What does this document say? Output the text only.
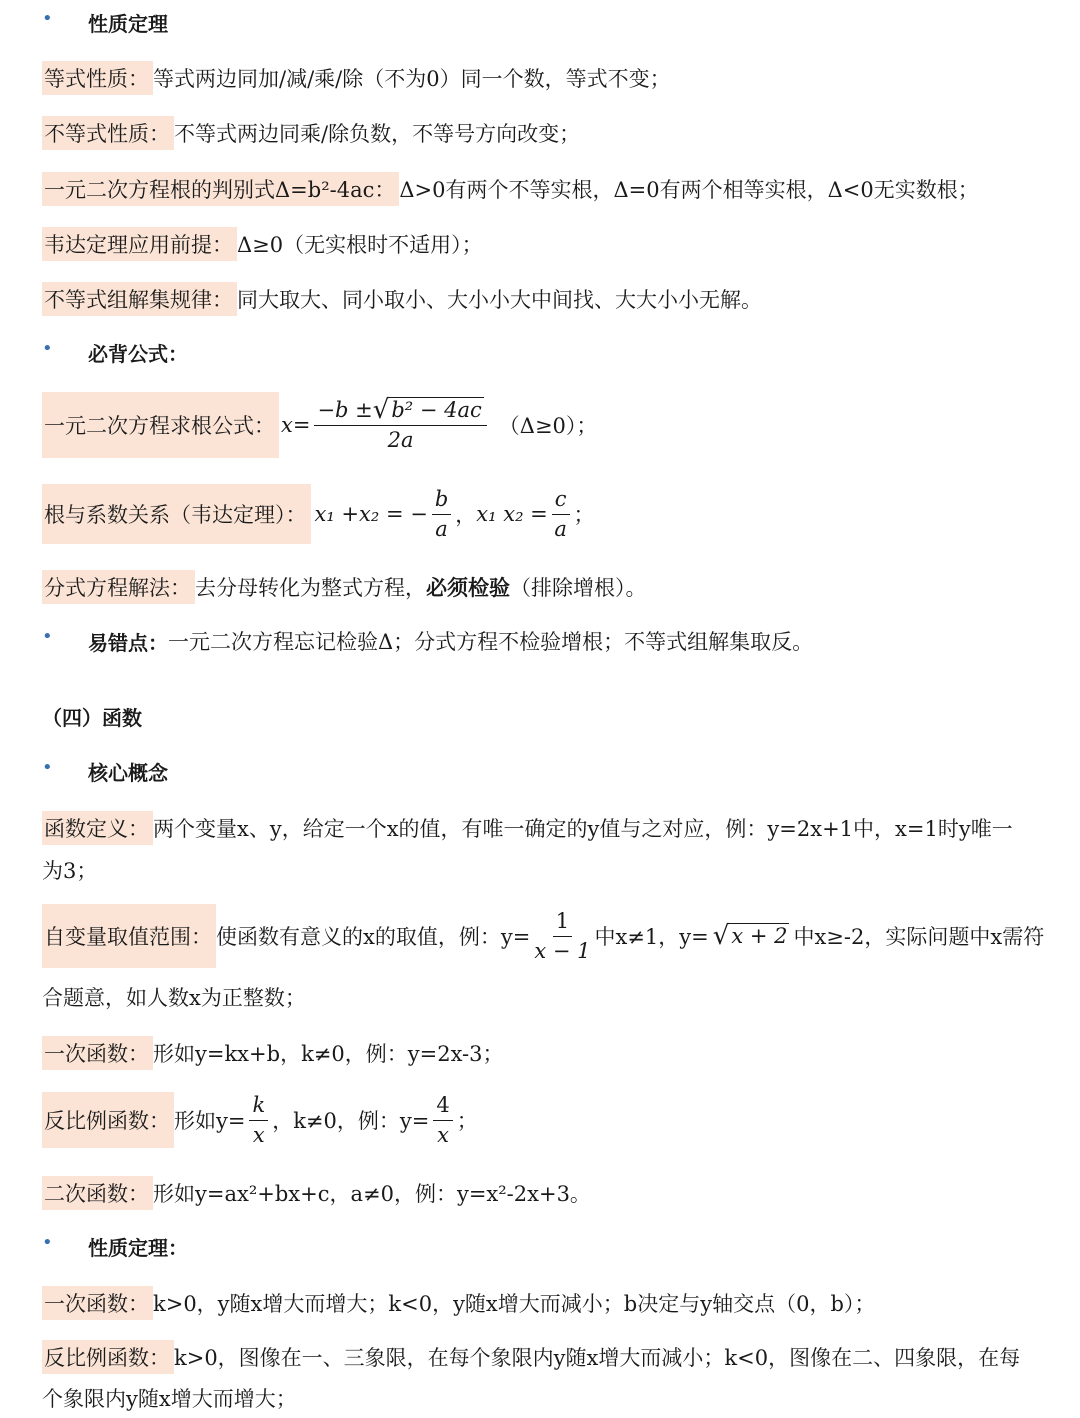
• 性质定理
等式性质： 等式两边同加/减/乘/除（不为0）同一个数，等式不变；
不等式性质： 不等式两边同乘/除负数，不等号方向改变；
一元二次方程根的判别式Δ=b²-4ac： Δ>0有两个不等实根，Δ=0有两个相等实根，Δ<0无实数根；
韦达定理应用前提： Δ≥0（无实根时不适用）；
不等式组解集规律： 同大取大、同小取小、大小小大中间找、大大小小无解。
• 必背公式：
一元二次方程求根公式： $x= \frac{\text{−b ± √ b² − 4ac}}{2a} (\Delta\ge 0)$；
根与系数关系（韦达定理）： x₁ +x₂ = − $\frac{b}{a}$ ， x₁ $x_2 = \frac{c}{a}$ ；
分式方程解法： 去分母转化为整式方程， 必须检验 （排除增根）。
• 易错点： 一元二次方程忘记检验Δ；分式方程不检验增根；不等式组解集取反。
（四）函数
• 核心概念
函数定义： 两个变量x、y，给定一个x的值，有唯一确定的y值与之对应，例：y=2x+1中，x=1时y唯一
为3；
自变量取值范围： 使函数有意义的x的取值，例：$y= \frac{1}{x - 1}$ 中x≠1，y= √ x + 2 中x≥-2，实际问题中x需符
合题意，如人数x为正整数；
一次函数： 形如y=kx+b，k≠0，例：y=2x-3；
反比例函数： 形如$y= \frac{k}{x}$ ，k≠0，例：$y= \frac{4}{x}$ ；
二次函数： 形如y=ax²+bx+c，a≠0，例：y=x²-2x+3。
• 性质定理：
一次函数： k>0，y随x增大而增大；k<0，y随x增大而减小；b决定与y轴交点（0，b）；
反比例函数： k>0，图像在一、三象限，在每个象限内y随x增大而减小；k<0，图像在二、四象限，在每
个象限内y随x增大而增大；
